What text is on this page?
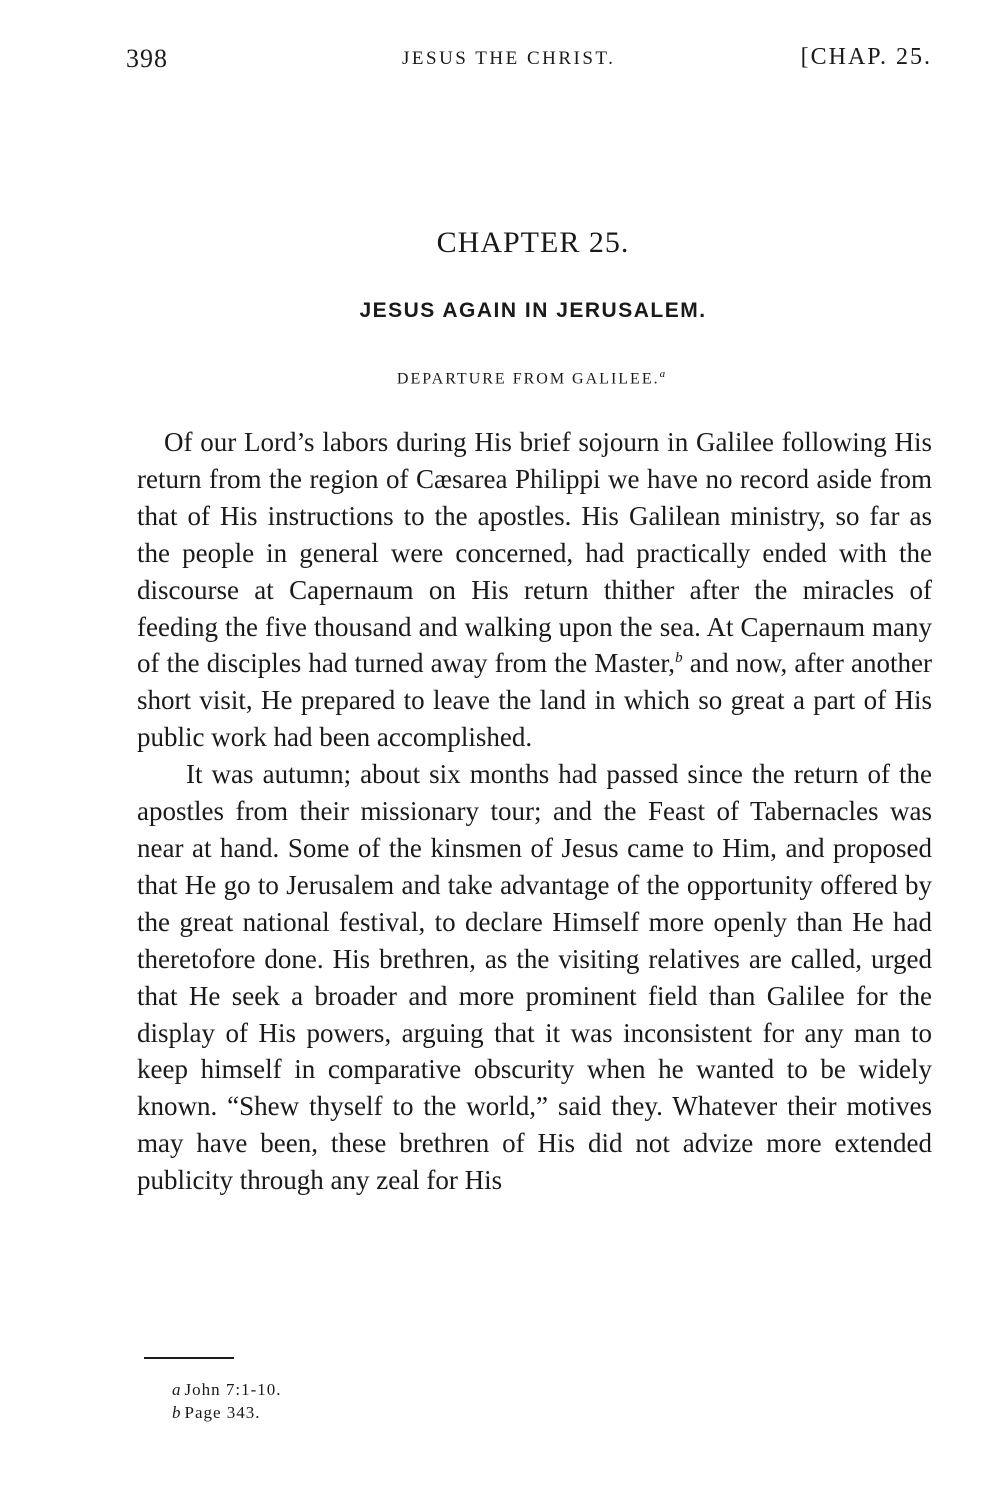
398	JESUS THE CHRIST.	[CHAP. 25.
CHAPTER 25.
JESUS AGAIN IN JERUSALEM.
DEPARTURE FROM GALILEE.$^a$

Of our Lord’s labors during His brief sojourn in Galilee following His return from the region of Cæsarea Philippi we have no record aside from that of His instructions to the apostles. His Galilean ministry, so far as the people in general were concerned, had practically ended with the discourse at Capernaum on His return thither after the miracles of feeding the five thousand and walking upon the sea. At Capernaum many of the disciples had turned away from the Master,$^b$ and now, after another short visit, He prepared to leave the land in which so great a part of His public work had been accomplished.

It was autumn; about six months had passed since the return of the apostles from their missionary tour; and the Feast of Tabernacles was near at hand. Some of the kinsmen of Jesus came to Him, and proposed that He go to Jerusalem and take advantage of the opportunity offered by the great national festival, to declare Himself more openly than He had theretofore done. His brethren, as the visiting relatives are called, urged that He seek a broader and more prominent field than Galilee for the display of His powers, arguing that it was inconsistent for any man to keep himself in comparative obscurity when he wanted to be widely known. “Shew thyself to the world,” said they. Whatever their motives may have been, these brethren of His did not advize more extended publicity through any zeal for His

a John 7:1-10.
b Page 343.
